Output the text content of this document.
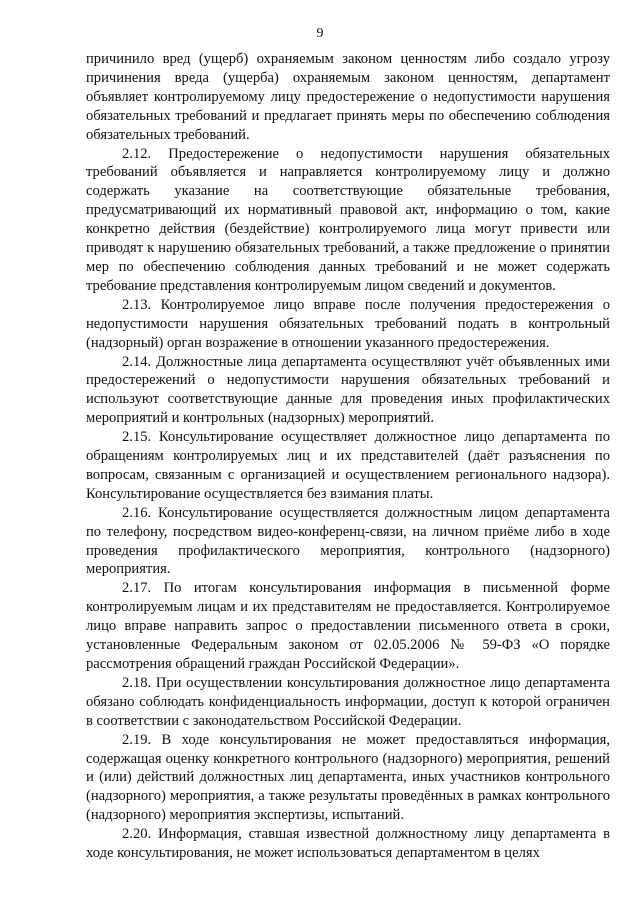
9

причинило вред (ущерб) охраняемым законом ценностям либо создало угрозу причинения вреда (ущерба) охраняемым законом ценностям, департамент объявляет контролируемому лицу предостережение о недопустимости нарушения обязательных требований и предлагает принять меры по обеспечению соблюдения обязательных требований.

2.12. Предостережение о недопустимости нарушения обязательных требований объявляется и направляется контролируемому лицу и должно содержать указание на соответствующие обязательные требования, предусматривающий их нормативный правовой акт, информацию о том, какие конкретно действия (бездействие) контролируемого лица могут привести или приводят к нарушению обязательных требований, а также предложение о принятии мер по обеспечению соблюдения данных требований и не может содержать требование представления контролируемым лицом сведений и документов.

2.13. Контролируемое лицо вправе после получения предостережения о недопустимости нарушения обязательных требований подать в контрольный (надзорный) орган возражение в отношении указанного предостережения.

2.14. Должностные лица департамента осуществляют учёт объявленных ими предостережений о недопустимости нарушения обязательных требований и используют соответствующие данные для проведения иных профилактических мероприятий и контрольных (надзорных) мероприятий.

2.15. Консультирование осуществляет должностное лицо департамента по обращениям контролируемых лиц и их представителей (даёт разъяснения по вопросам, связанным с организацией и осуществлением регионального надзора). Консультирование осуществляется без взимания платы.

2.16. Консультирование осуществляется должностным лицом департамента по телефону, посредством видео-конференц-связи, на личном приёме либо в ходе проведения профилактического мероприятия, контрольного (надзорного) мероприятия.

2.17. По итогам консультирования информация в письменной форме контролируемым лицам и их представителям не предоставляется. Контролируемое лицо вправе направить запрос о предоставлении письменного ответа в сроки, установленные Федеральным законом от 02.05.2006 № 59-ФЗ «О порядке рассмотрения обращений граждан Российской Федерации».

2.18. При осуществлении консультирования должностное лицо департамента обязано соблюдать конфиденциальность информации, доступ к которой ограничен в соответствии с законодательством Российской Федерации.

2.19. В ходе консультирования не может предоставляться информация, содержащая оценку конкретного контрольного (надзорного) мероприятия, решений и (или) действий должностных лиц департамента, иных участников контрольного (надзорного) мероприятия, а также результаты проведённых в рамках контрольного (надзорного) мероприятия экспертизы, испытаний.

2.20. Информация, ставшая известной должностному лицу департамента в ходе консультирования, не может использоваться департаментом в целях
